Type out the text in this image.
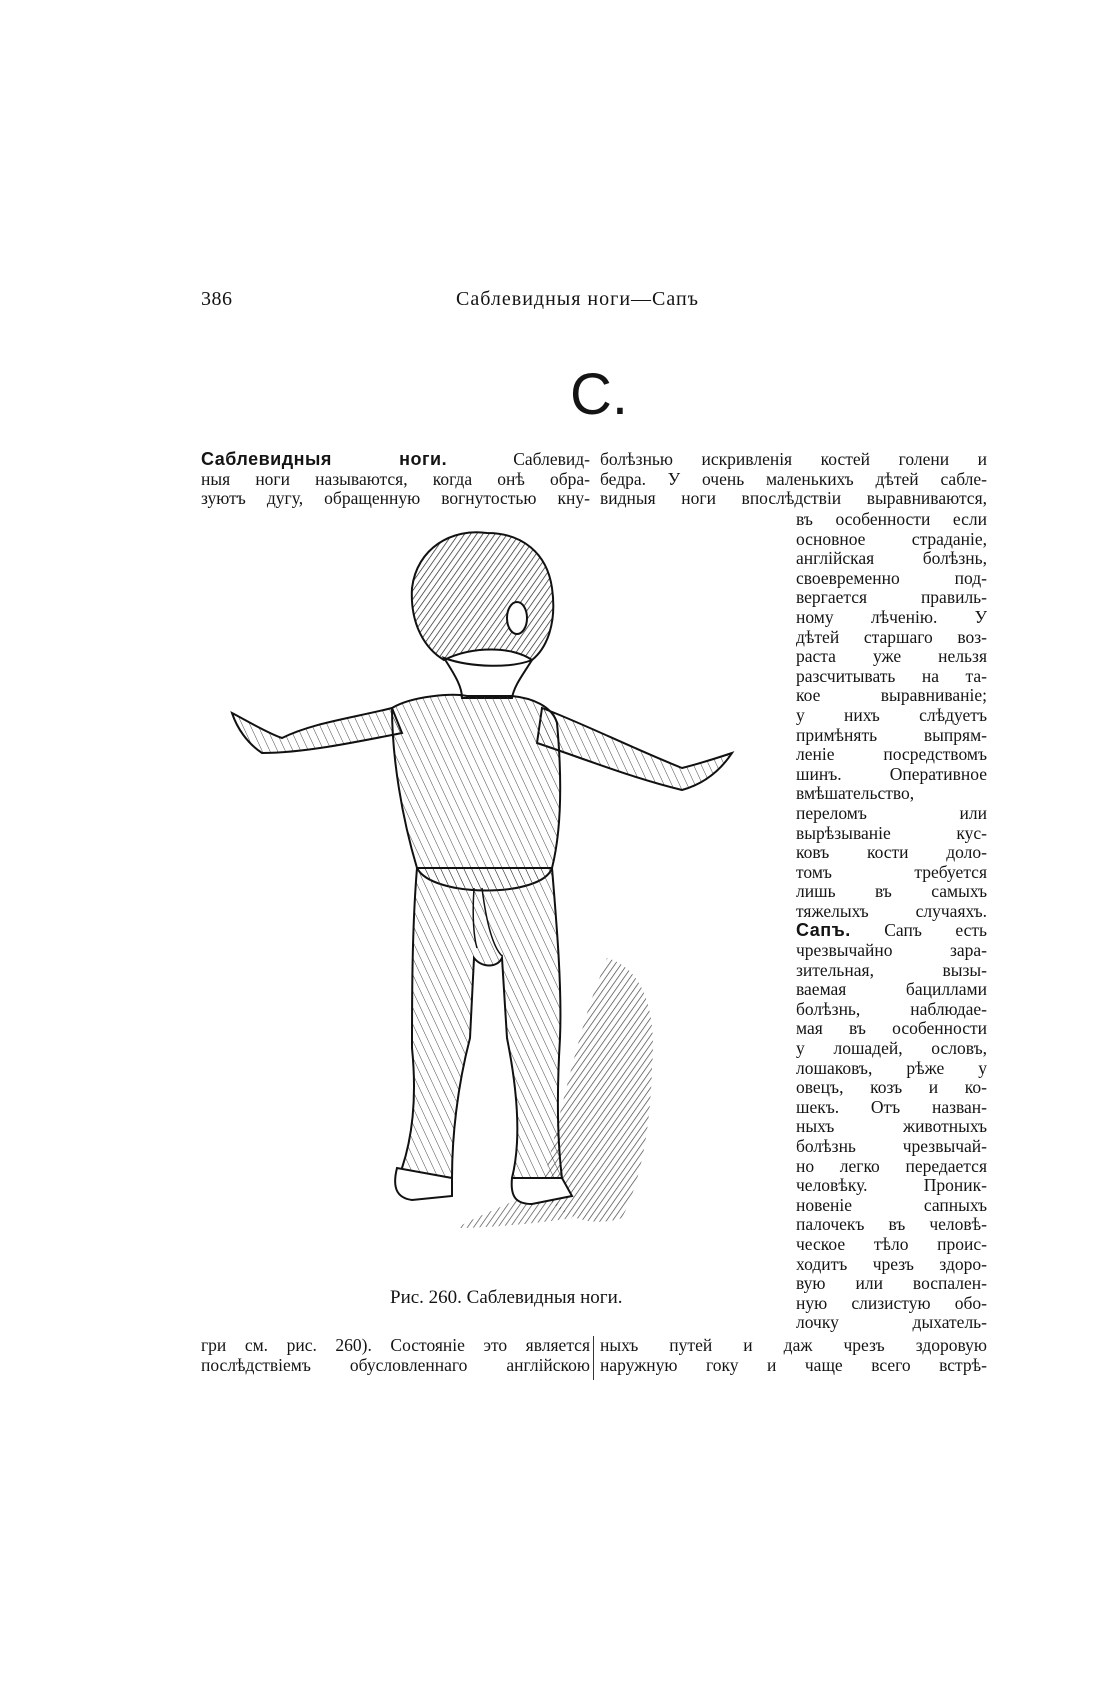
386	Саблевидныя ноги—Сапъ
С.
Саблевидныя ноги. Саблевид-
ныя ноги называются, когда онѣ обра-
зуютъ дугу, обращенную вогнутостью кну-
болѣзнью искривленія костей голени и
бедра. У очень маленькихъ дѣтей сабле-
видныя ноги впослѣдствіи выравниваются,
въ особенности если
основное страданіе,
англійская болѣзнь,
своевременно под-
вергается правиль-
ному лѣченію. У
дѣтей старшаго воз-
раста уже нельзя
разсчитывать на та-
кое выравниваніе;
у нихъ слѣдуетъ
примѣнять выпрям-
леніе посредствомъ
шинъ. Оперативное
вмѣшательство,
переломъ или
вырѣзываніе кус-
ковъ кости доло-
томъ требуется
лишь въ самыхъ
тяжелыхъ случаяхъ.
Сапъ. Сапъ есть
чрезвычайно зара-
зительная, вызы-
ваемая бациллами
болѣзнь, наблюдае-
мая въ особенности
у лошадей, ословъ,
лошаковъ, рѣже у
овецъ, козъ и ко-
шекъ. Отъ назван-
ныхъ животныхъ
болѣзнь чрезвычай-
но легко передается
человѣку. Проник-
новеніе сапныхъ
палочекъ въ человѣ-
ческое тѣло проис-
ходитъ чрезъ здоро-
вую или воспален-
ную слизистую обо-
лочку дыхатель-
Рис. 260. Саблевидныя ноги.
гри см. рис. 260). Состояніе это является
послѣдствіемъ обусловленнаго англійскою
ныхъ путей и даж чрезъ здоровую
наружную гоку и чаще всего встрѣ-
